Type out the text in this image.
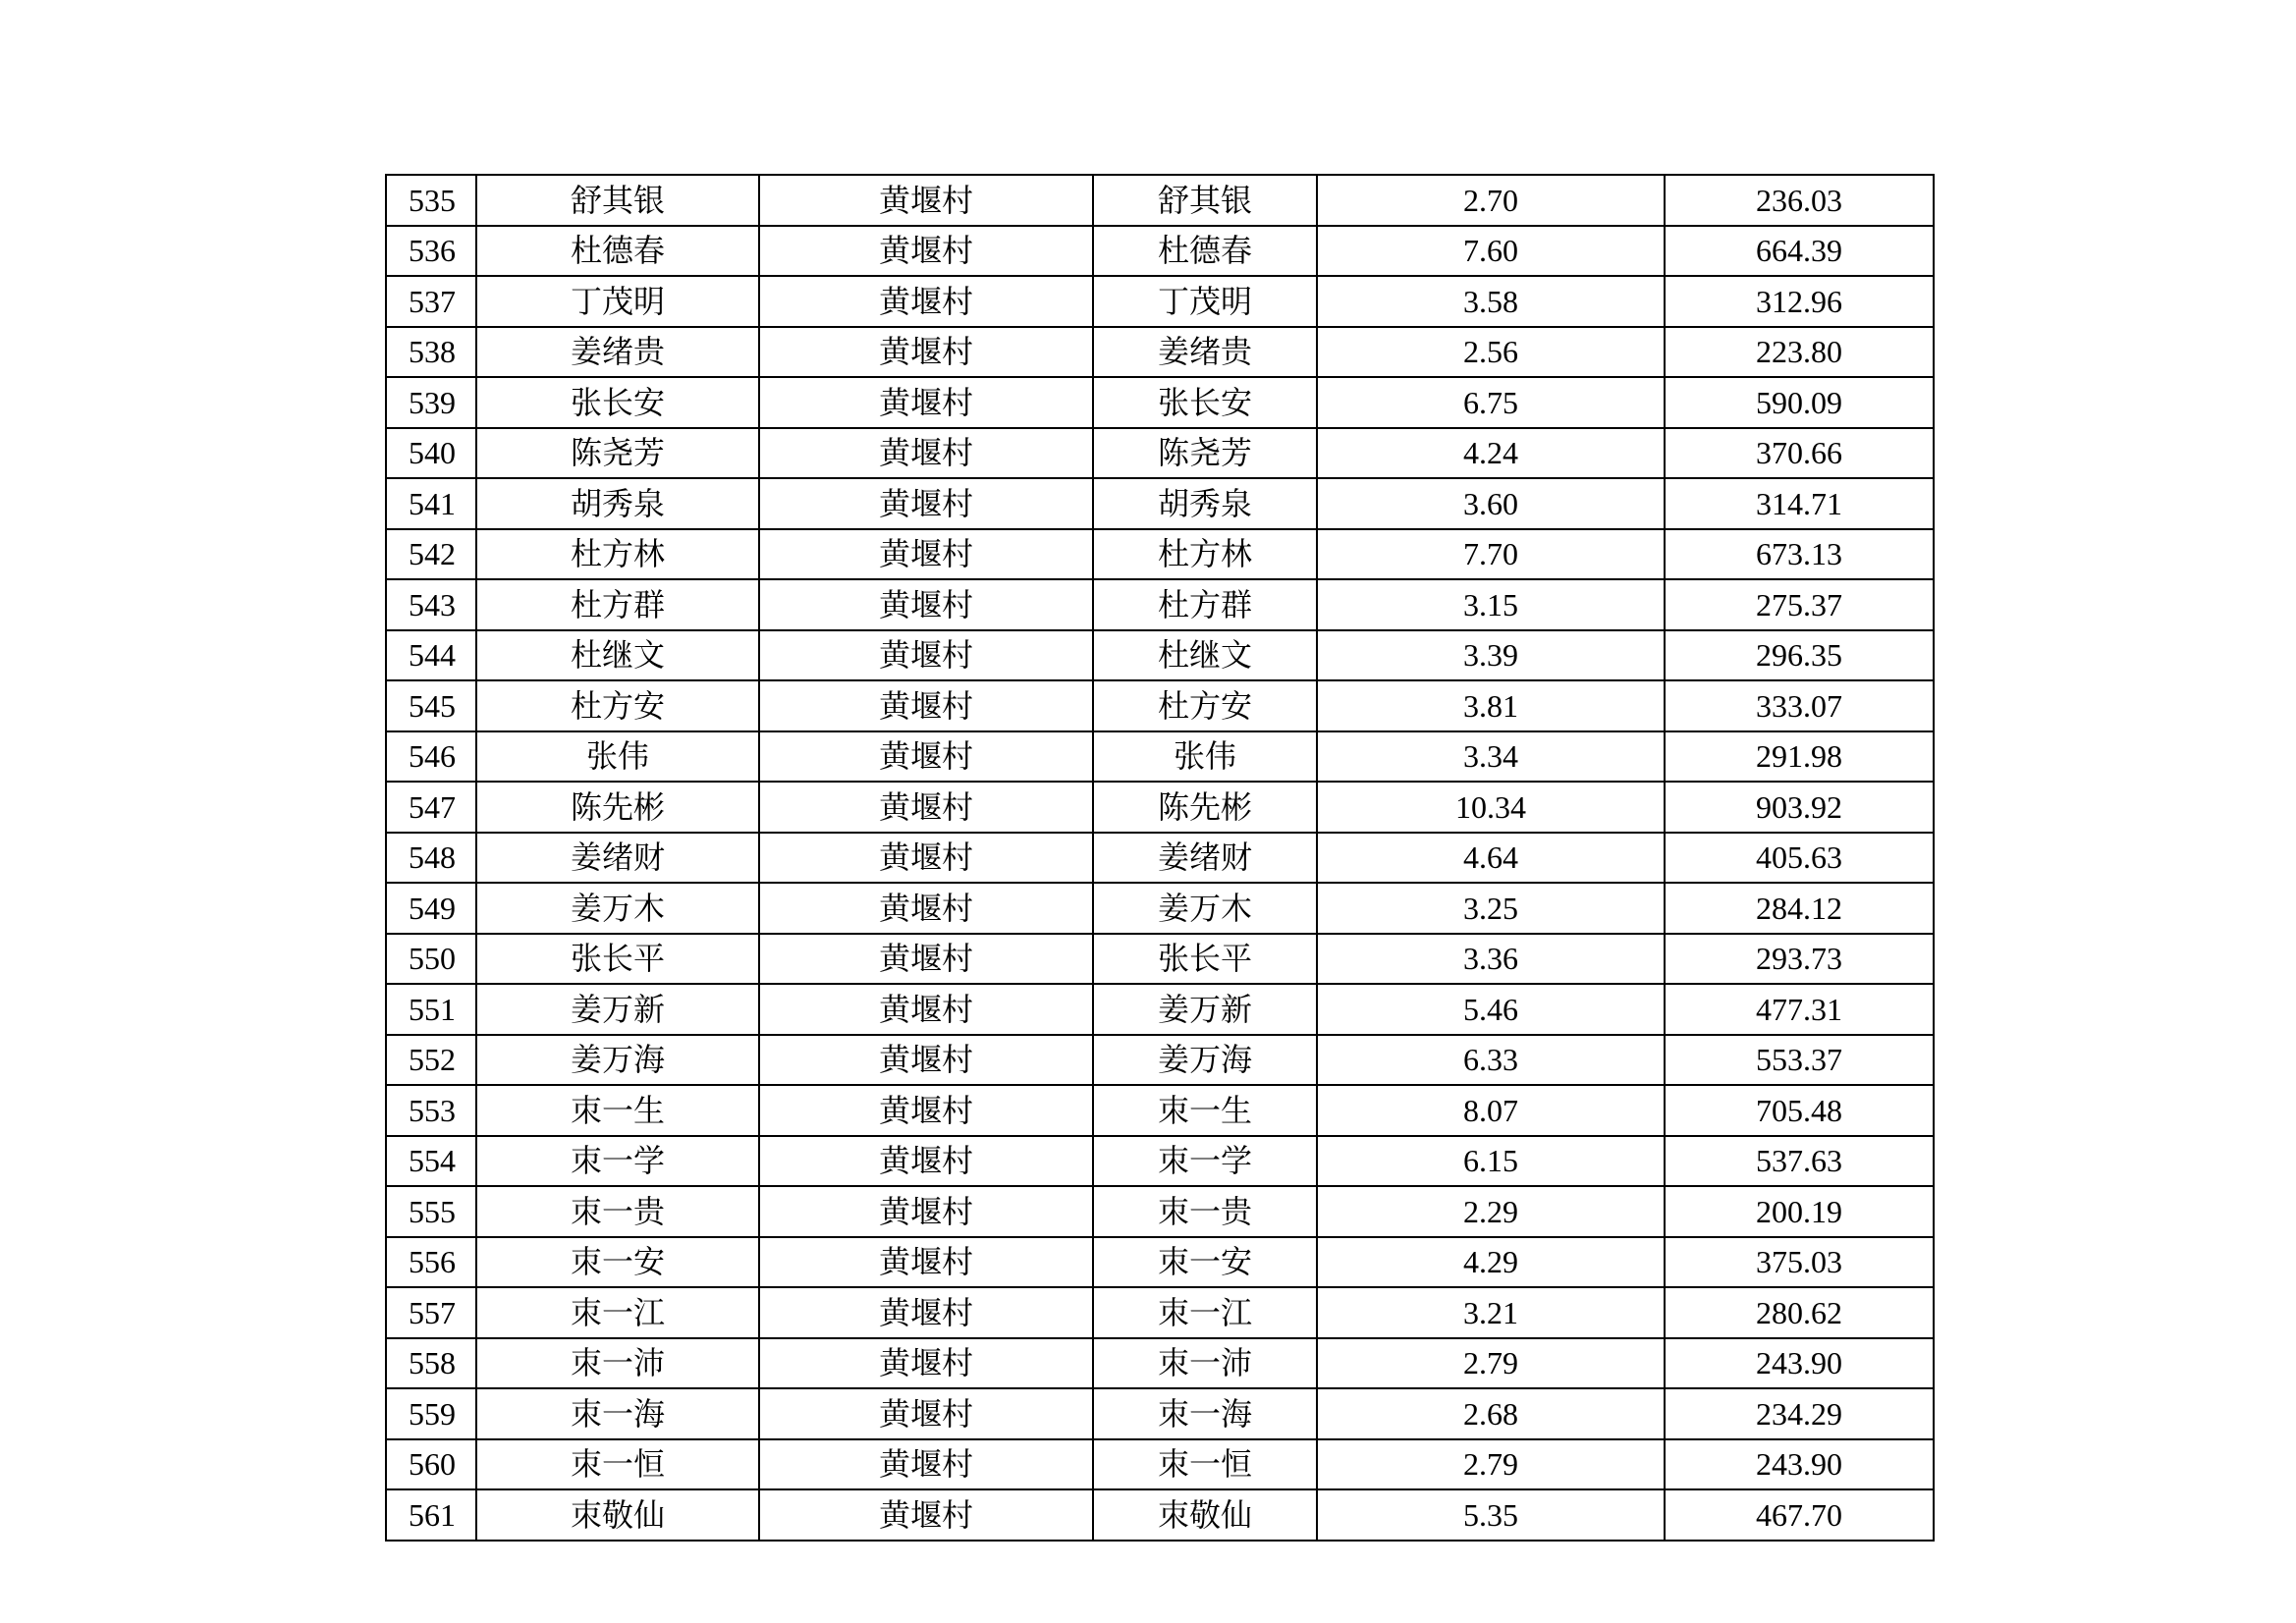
535	舒其银	黄堰村	舒其银	2.70	236.03
536	杜德春	黄堰村	杜德春	7.60	664.39
537	丁茂明	黄堰村	丁茂明	3.58	312.96
538	姜绪贵	黄堰村	姜绪贵	2.56	223.80
539	张长安	黄堰村	张长安	6.75	590.09
540	陈尧芳	黄堰村	陈尧芳	4.24	370.66
541	胡秀泉	黄堰村	胡秀泉	3.60	314.71
542	杜方林	黄堰村	杜方林	7.70	673.13
543	杜方群	黄堰村	杜方群	3.15	275.37
544	杜继文	黄堰村	杜继文	3.39	296.35
545	杜方安	黄堰村	杜方安	3.81	333.07
546	张伟	黄堰村	张伟	3.34	291.98
547	陈先彬	黄堰村	陈先彬	10.34	903.92
548	姜绪财	黄堰村	姜绪财	4.64	405.63
549	姜万木	黄堰村	姜万木	3.25	284.12
550	张长平	黄堰村	张长平	3.36	293.73
551	姜万新	黄堰村	姜万新	5.46	477.31
552	姜万海	黄堰村	姜万海	6.33	553.37
553	朿一生	黄堰村	朿一生	8.07	705.48
554	朿一学	黄堰村	朿一学	6.15	537.63
555	朿一贵	黄堰村	朿一贵	2.29	200.19
556	朿一安	黄堰村	朿一安	4.29	375.03
557	朿一江	黄堰村	朿一江	3.21	280.62
558	朿一沛	黄堰村	朿一沛	2.79	243.90
559	朿一海	黄堰村	朿一海	2.68	234.29
560	朿一恒	黄堰村	朿一恒	2.79	243.90
561	朿敬仙	黄堰村	朿敬仙	5.35	467.70
